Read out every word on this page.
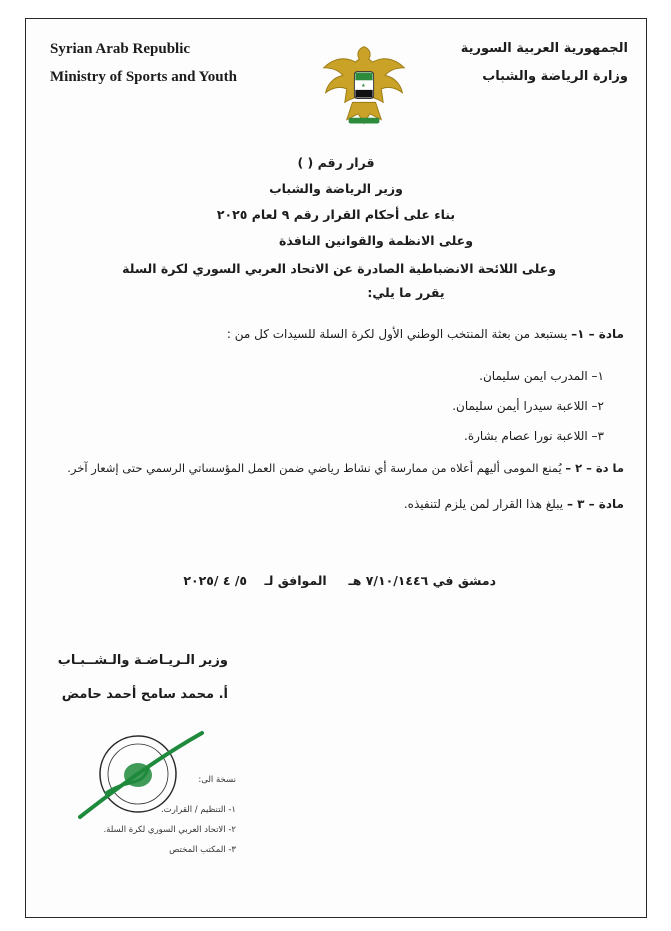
Syrian Arab Republic
Ministry of Sports and Youth
الجمهورية العربية السورية
وزارة الرياضة والشباب
★
قرار رقم ( )
وزير الرياضة والشباب
بناء على أحكام القرار رقم ٩ لعام ٢٠٢٥
وعلى الانظمة والقوانين النافذة
وعلى اللائحة الانضباطية الصادرة عن الاتحاد العربي السوري لكرة السلة
يقرر ما يلي:
مادة – ١– يستبعد من بعثة المنتخب الوطني الأول لكرة السلة للسيدات كل من :
١– المدرب ايمن سليمان.
٢– اللاعبة سيدرا أيمن سليمان.
٣– اللاعبة نورا عصام بشارة.
ما دة – ٢ – يُمنع المومى أليهم أعلاه من ممارسة أي نشاط رياضي ضمن العمل المؤسساتي الرسمي حتى إشعار آخر.
مادة – ٣ – يبلغ هذا القرار لمن يلزم لتنفيذه.
دمشق في ٧/١٠/١٤٤٦ هـ     الموافق لـ    ٥/ ٤ /٢٠٢٥
وزير الـريـاضـة والـشــبـاب
أ. محمد سامح أحمد حامض
نسخة الى:
١- التنظيم / القرارت.
٢- الاتحاد العربي السوري لكرة السلة.
٣- المكتب المختص
